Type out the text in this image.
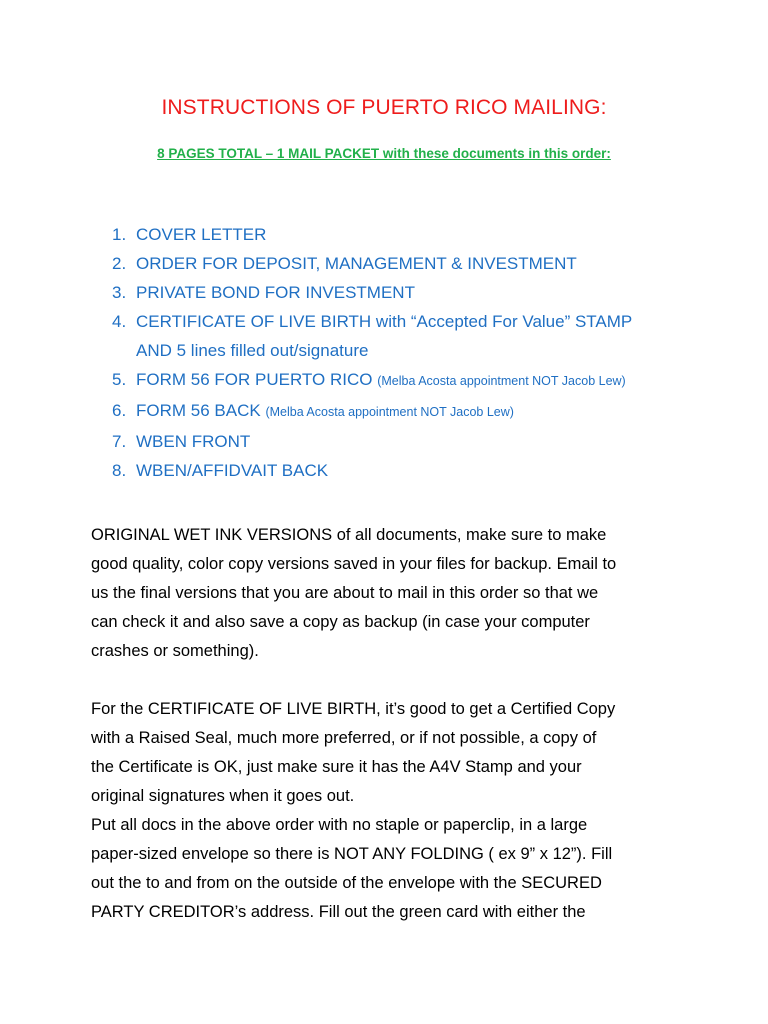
INSTRUCTIONS OF PUERTO RICO MAILING:
8 PAGES TOTAL – 1 MAIL PACKET with these documents in this order:
1. COVER LETTER
2. ORDER FOR DEPOSIT, MANAGEMENT & INVESTMENT
3. PRIVATE BOND FOR INVESTMENT
4. CERTIFICATE OF LIVE BIRTH with “Accepted For Value” STAMP
AND 5 lines filled out/signature
5. FORM 56 FOR PUERTO RICO (Melba Acosta appointment NOT Jacob Lew)
6. FORM 56 BACK (Melba Acosta appointment NOT Jacob Lew)
7. WBEN FRONT
8. WBEN/AFFIDVAIT BACK

ORIGINAL WET INK VERSIONS of all documents, make sure to make
good quality, color copy versions saved in your files for backup. Email to
us the final versions that you are about to mail in this order so that we
can check it and also save a copy as backup (in case your computer
crashes or something).

For the CERTIFICATE OF LIVE BIRTH, it’s good to get a Certified Copy
with a Raised Seal, much more preferred, or if not possible, a copy of
the Certificate is OK, just make sure it has the A4V Stamp and your
original signatures when it goes out.
Put all docs in the above order with no staple or paperclip, in a large
paper-sized envelope so there is NOT ANY FOLDING ( ex 9” x 12”). Fill
out the to and from on the outside of the envelope with the SECURED
PARTY CREDITOR’s address. Fill out the green card with either the
